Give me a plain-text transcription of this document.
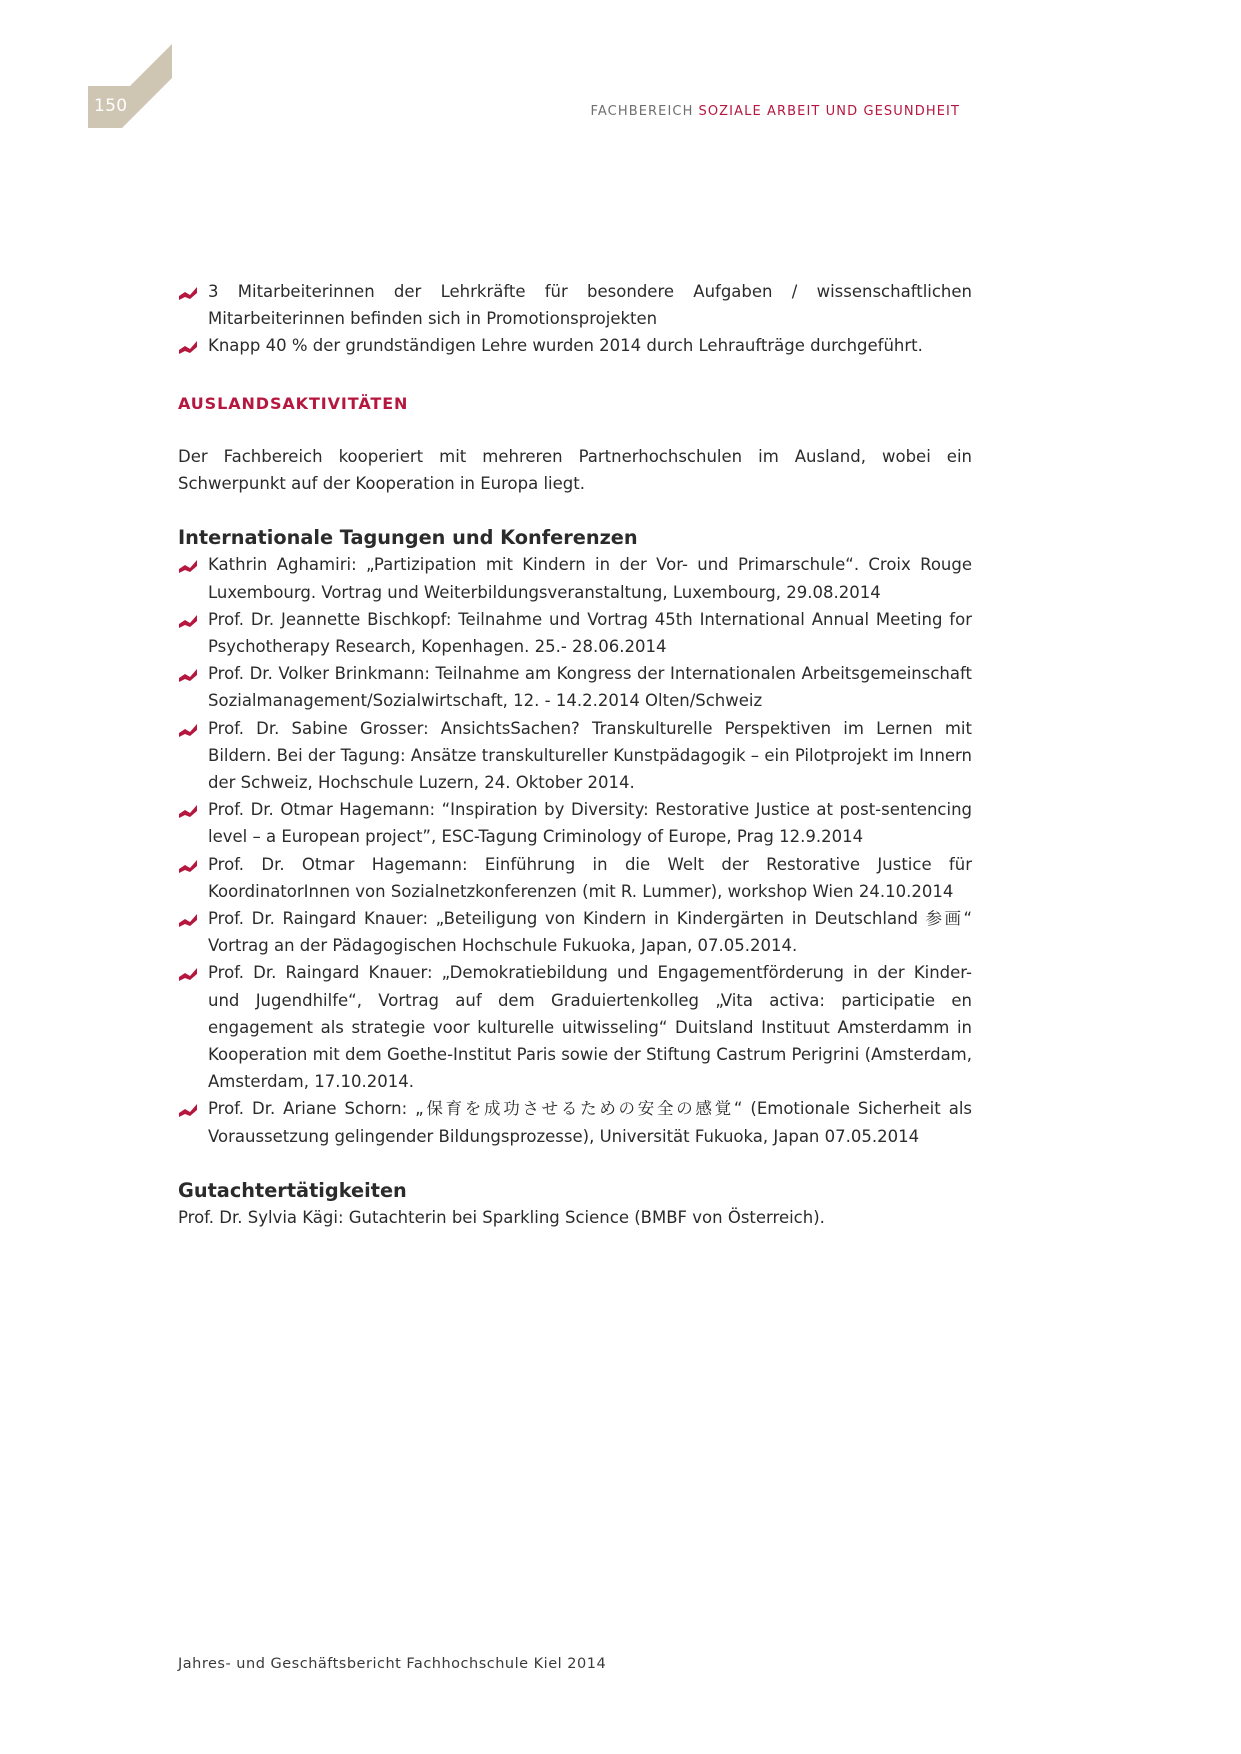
150	FACHBEREICH SOZIALE ARBEIT UND GESUNDHEIT
3 Mitarbeiterinnen der Lehrkräfte für besondere Aufgaben / wissenschaftlichen Mitarbeiterinnen befinden sich in Promotionsprojekten
Knapp 40 % der grundständigen Lehre wurden 2014 durch Lehraufträge durchgeführt.
AUSLANDSAKTIVITÄTEN

Der Fachbereich kooperiert mit mehreren Partnerhochschulen im Ausland, wobei ein Schwerpunkt auf der Kooperation in Europa liegt.

Internationale Tagungen und Konferenzen
Kathrin Aghamiri: „Partizipation mit Kindern in der Vor- und Primarschule“. Croix Rouge Luxembourg. Vortrag und Weiterbildungsveranstaltung, Luxembourg, 29.08.2014
Prof. Dr. Jeannette Bischkopf: Teilnahme und Vortrag 45th International Annual Meeting for Psychotherapy Research, Kopenhagen. 25.- 28.06.2014
Prof. Dr. Volker Brinkmann: Teilnahme am Kongress der Internationalen Arbeitsgemeinschaft Sozialmanagement/Sozialwirtschaft, 12. - 14.2.2014 Olten/Schweiz
Prof. Dr. Sabine Grosser: AnsichtsSachen? Transkulturelle Perspektiven im Lernen mit Bildern. Bei der Tagung: Ansätze transkultureller Kunstpädagogik – ein Pilotprojekt im Innern der Schweiz, Hochschule Luzern, 24. Oktober 2014.
Prof. Dr. Otmar Hagemann: “Inspiration by Diversity: Restorative Justice at post-sentencing level – a European project”, ESC-Tagung Criminology of Europe, Prag 12.9.2014
Prof. Dr. Otmar Hagemann: Einführung in die Welt der Restorative Justice für KoordinatorInnen von Sozialnetzkonferenzen (mit R. Lummer), workshop Wien 24.10.2014
Prof. Dr. Raingard Knauer: „Beteiligung von Kindern in Kindergärten in Deutschland 参画“ Vortrag an der Pädagogischen Hochschule Fukuoka, Japan, 07.05.2014.
Prof. Dr. Raingard Knauer: „Demokratiebildung und Engagementförderung in der Kinder- und Jugendhilfe“, Vortrag auf dem Graduiertenkolleg „Vita activa: participatie en engagement als strategie voor kulturelle uitwisseling“ Duitsland Instituut Amsterdamm in Kooperation mit dem Goethe-Institut Paris sowie der Stiftung Castrum Perigrini (Amsterdam, Amsterdam, 17.10.2014.
Prof. Dr. Ariane Schorn: „保育を成功させるための安全の感覚“ (Emotionale Sicherheit als Voraussetzung gelingender Bildungsprozesse), Universität Fukuoka, Japan 07.05.2014
Gutachtertätigkeiten

Prof. Dr. Sylvia Kägi: Gutachterin bei Sparkling Science (BMBF von Österreich).

Jahres- und Geschäftsbericht Fachhochschule Kiel 2014
